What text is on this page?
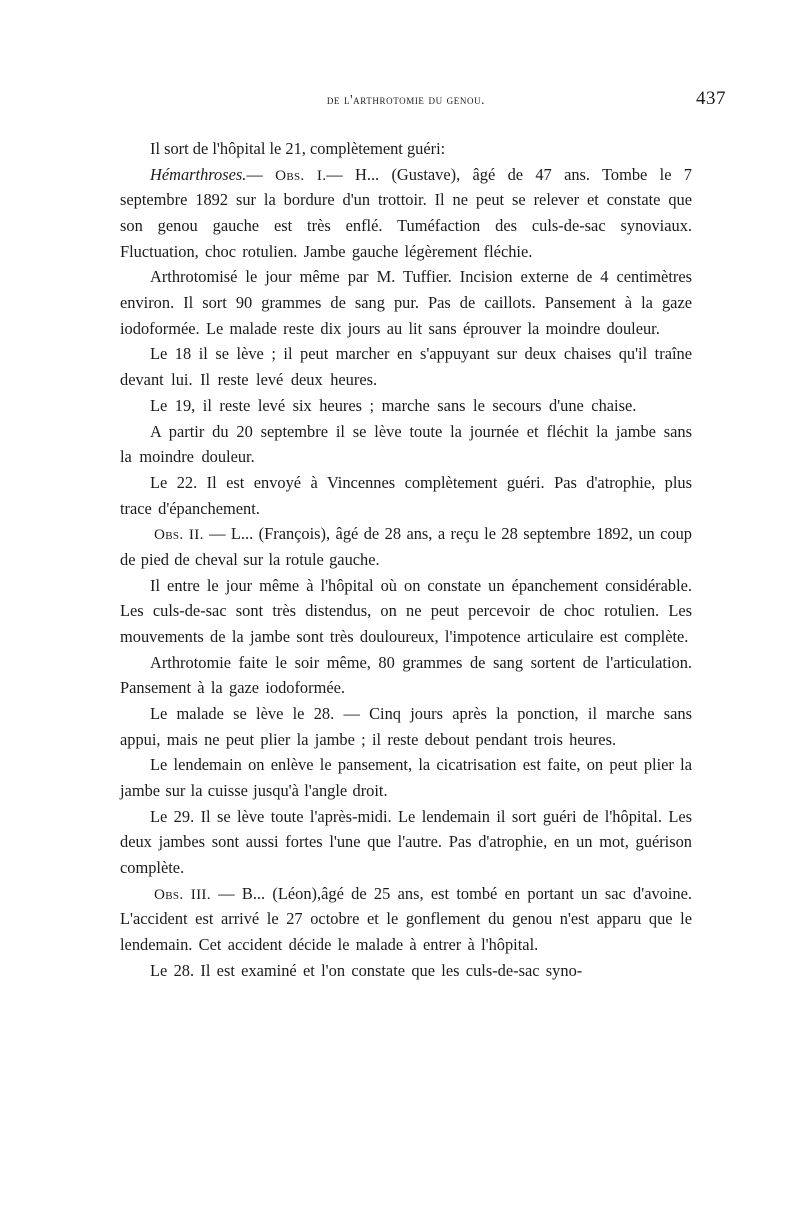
de l'arthrotomie du genou.	437

Il sort de l'hôpital le 21, complètement guéri:

Hémarthroses.— Obs. I.— H... (Gustave), âgé de 47 ans. Tombe le 7 septembre 1892 sur la bordure d'un trottoir. Il ne peut se relever et constate que son genou gauche est très enflé. Tuméfaction des culs-de-sac synoviaux. Fluctuation, choc rotulien. Jambe gauche légèrement fléchie.

Arthrotomisé le jour même par M. Tuffier. Incision externe de 4 centimètres environ. Il sort 90 grammes de sang pur. Pas de caillots. Pansement à la gaze iodoformée. Le malade reste dix jours au lit sans éprouver la moindre douleur.

Le 18 il se lève ; il peut marcher en s'appuyant sur deux chaises qu'il traîne devant lui. Il reste levé deux heures.

Le 19, il reste levé six heures ; marche sans le secours d'une chaise.

A partir du 20 septembre il se lève toute la journée et fléchit la jambe sans la moindre douleur.

Le 22. Il est envoyé à Vincennes complètement guéri. Pas d'atrophie, plus trace d'épanchement.

Obs. II. — L... (François), âgé de 28 ans, a reçu le 28 septembre 1892, un coup de pied de cheval sur la rotule gauche.

Il entre le jour même à l'hôpital où on constate un épanchement considérable. Les culs-de-sac sont très distendus, on ne peut percevoir de choc rotulien. Les mouvements de la jambe sont très douloureux, l'impotence articulaire est complète.

Arthrotomie faite le soir même, 80 grammes de sang sortent de l'articulation. Pansement à la gaze iodoformée.

Le malade se lève le 28. — Cinq jours après la ponction, il marche sans appui, mais ne peut plier la jambe ; il reste debout pendant trois heures.

Le lendemain on enlève le pansement, la cicatrisation est faite, on peut plier la jambe sur la cuisse jusqu'à l'angle droit.

Le 29. Il se lève toute l'après-midi. Le lendemain il sort guéri de l'hôpital. Les deux jambes sont aussi fortes l'une que l'autre. Pas d'atrophie, en un mot, guérison complète.

Obs. III. — B... (Léon),âgé de 25 ans, est tombé en portant un sac d'avoine. L'accident est arrivé le 27 octobre et le gonflement du genou n'est apparu que le lendemain. Cet accident décide le malade à entrer à l'hôpital.

Le 28. Il est examiné et l'on constate que les culs-de-sac syno-
